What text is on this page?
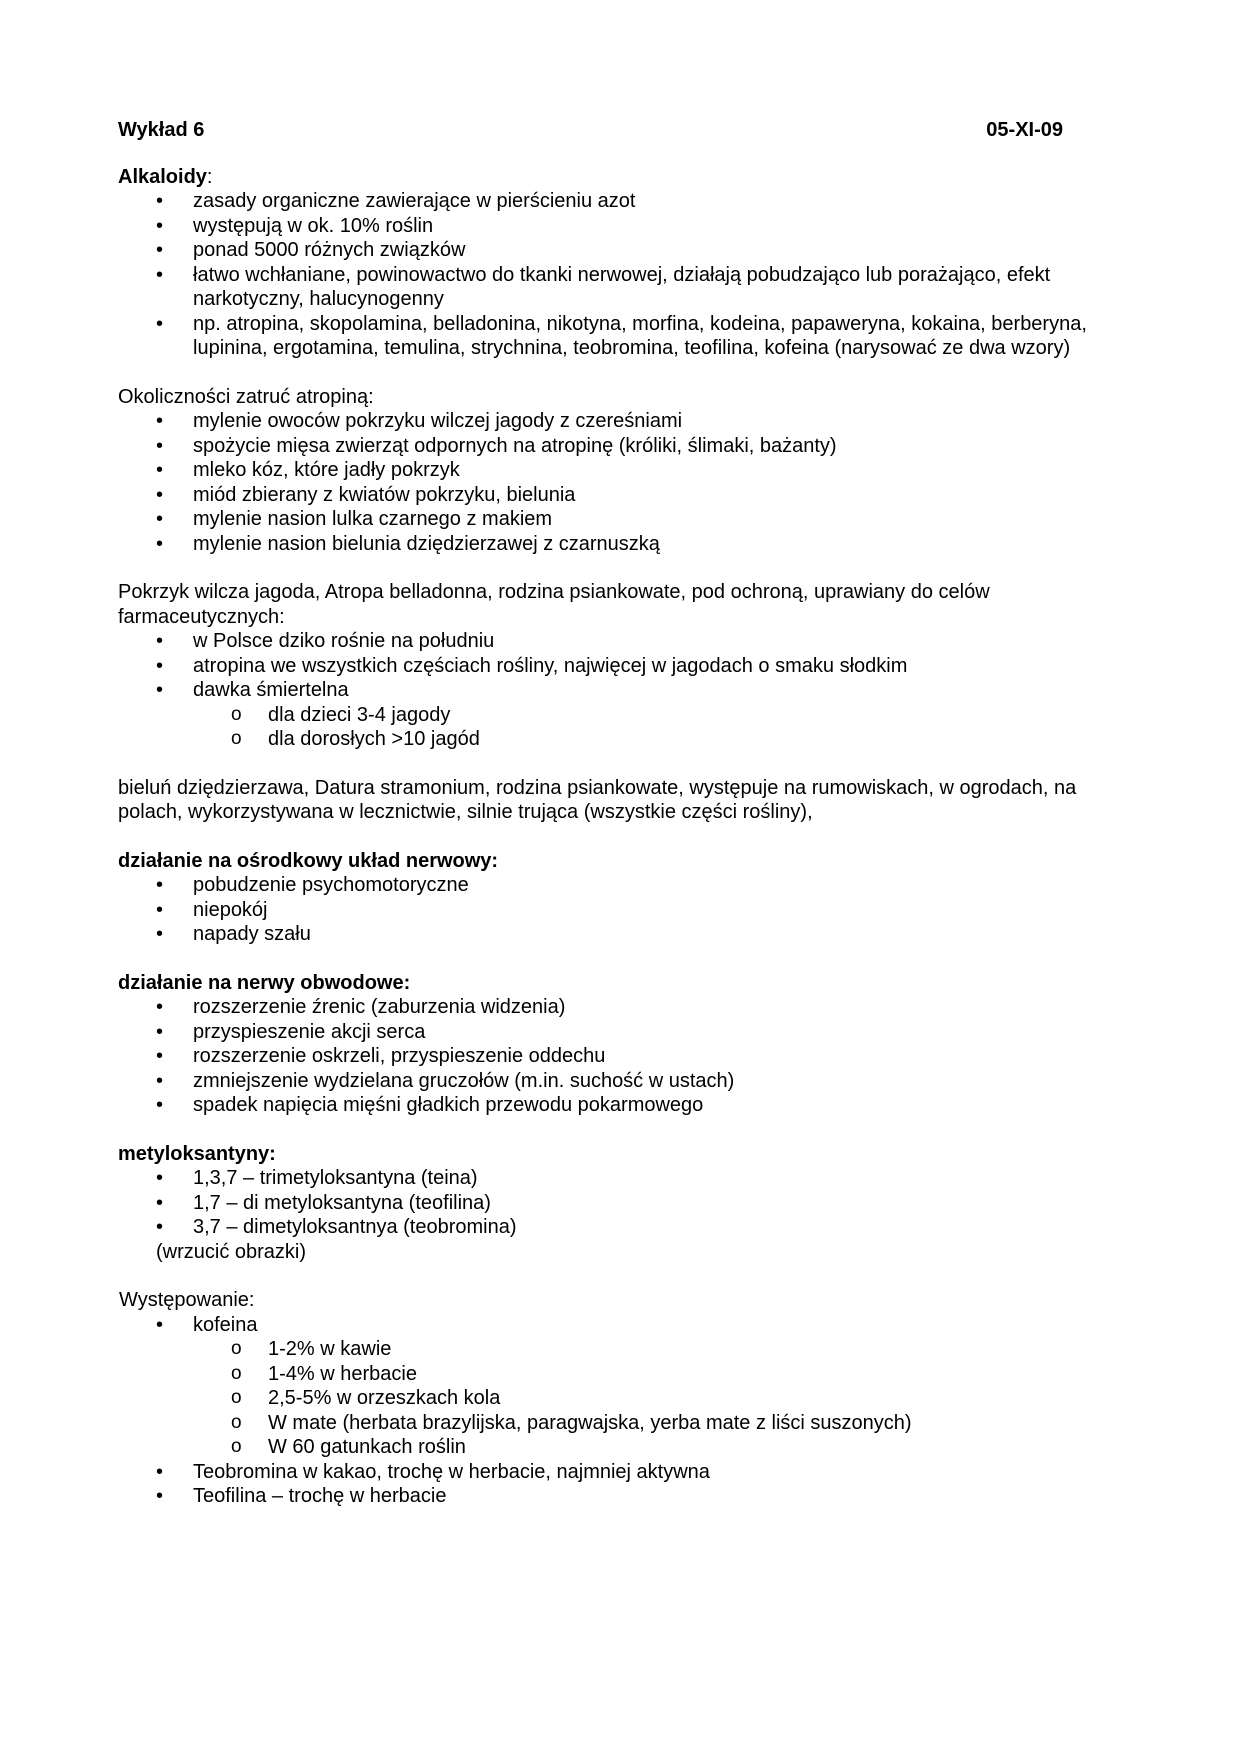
Wykład 6	05-XI-09
Alkaloidy:
• zasady organiczne zawierające w pierścieniu azot
• występują w ok. 10% roślin
• ponad 5000 różnych związków
• łatwo wchłaniane, powinowactwo do tkanki nerwowej, działają pobudzająco lub porażająco, efekt narkotyczny, halucynogenny
• np. atropina, skopolamina, belladonina, nikotyna, morfina, kodeina, papaweryna, kokaina, berberyna, lupinina, ergotamina, temulina, strychnina, teobromina, teofilina, kofeina (narysować ze dwa wzory)
Okoliczności zatruć atropiną:
• mylenie owoców pokrzyku wilczej jagody z czereśniami
• spożycie mięsa zwierząt odpornych na atropinę (króliki, ślimaki, bażanty)
• mleko kóz, które jadły pokrzyk
• miód zbierany z kwiatów pokrzyku, bielunia
• mylenie nasion lulka czarnego z makiem
• mylenie nasion bielunia dziędzierzawej z czarnuszką
Pokrzyk wilcza jagoda, Atropa belladonna, rodzina psiankowate, pod ochroną, uprawiany do celów farmaceutycznych:
• w Polsce dziko rośnie na południu
• atropina we wszystkich częściach rośliny, najwięcej w jagodach o smaku słodkim
• dawka śmiertelna
o dla dzieci 3-4 jagody
o dla dorosłych >10 jagód
bieluń dziędzierzawa, Datura stramonium, rodzina psiankowate, występuje na rumowiskach, w ogrodach, na polach, wykorzystywana w lecznictwie, silnie trująca (wszystkie części rośliny),
działanie na ośrodkowy układ nerwowy:
• pobudzenie psychomotoryczne
• niepokój
• napady szału
działanie na nerwy obwodowe:
• rozszerzenie źrenic (zaburzenia widzenia)
• przyspieszenie akcji serca
• rozszerzenie oskrzeli, przyspieszenie oddechu
• zmniejszenie wydzielana gruczołów (m.in. suchość w ustach)
• spadek napięcia mięśni gładkich przewodu pokarmowego
metyloksantyny:
• 1,3,7 – trimetyloksantyna (teina)
• 1,7 – di metyloksantyna (teofilina)
• 3,7 – dimetyloksantnya (teobromina)
(wrzucić obrazki)
Występowanie:
• kofeina
o 1-2% w kawie
o 1-4% w herbacie
o 2,5-5% w orzeszkach kola
o W mate (herbata brazylijska, paragwajska, yerba mate z liści suszonych)
o W 60 gatunkach roślin
• Teobromina w kakao, trochę w herbacie, najmniej aktywna
• Teofilina – trochę w herbacie
